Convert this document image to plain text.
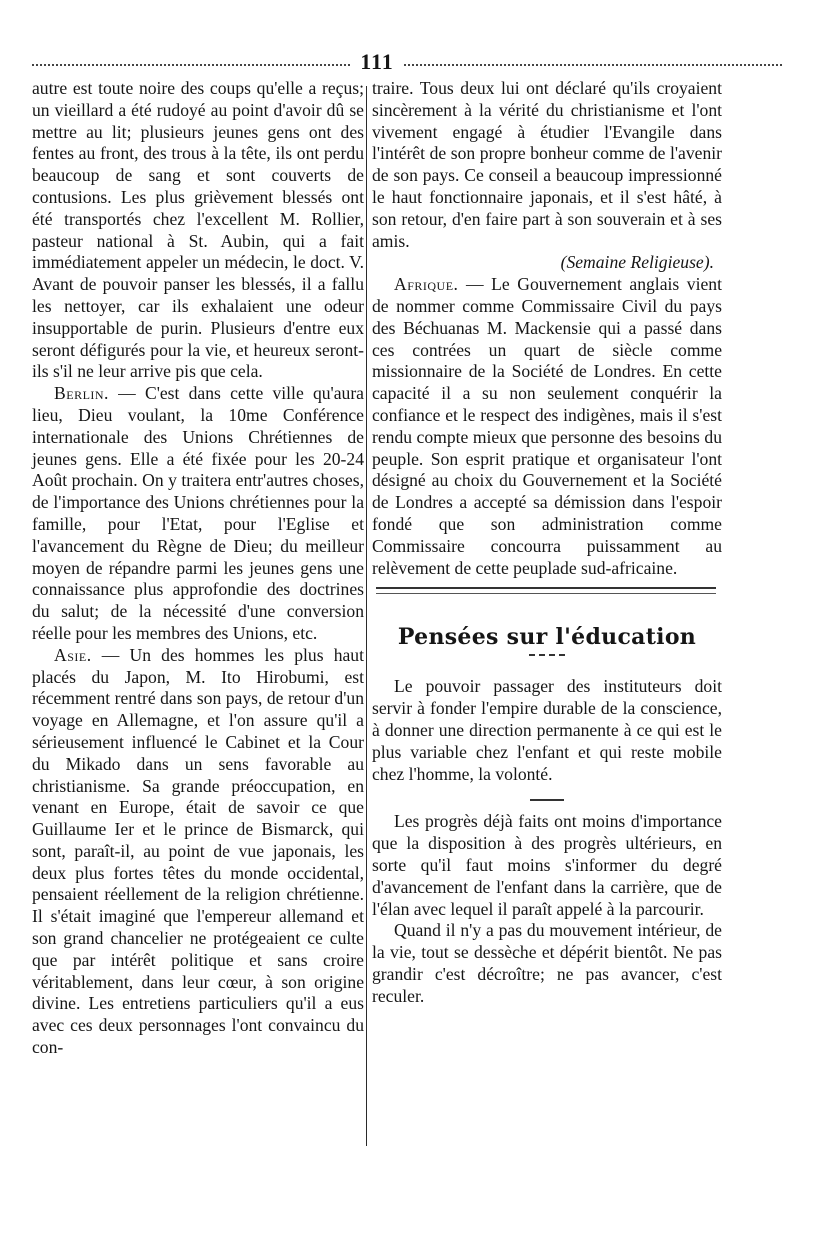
111

autre est toute noire des coups qu'elle a reçus; un vieillard a été rudoyé au point d'avoir dû se mettre au lit; plusieurs jeunes gens ont des fentes au front, des trous à la tête, ils ont perdu beaucoup de sang et sont couverts de contusions. Les plus grièvement blessés ont été transportés chez l'excellent M. Rollier, pasteur national à St. Aubin, qui a fait immédiatement appeler un médecin, le doct. V. Avant de pouvoir panser les blessés, il a fallu les nettoyer, car ils exhalaient une odeur insupportable de purin. Plusieurs d'entre eux seront défigurés pour la vie, et heureux seront-ils s'il ne leur arrive pis que cela.

Berlin. — C'est dans cette ville qu'aura lieu, Dieu voulant, la 10me Conférence internationale des Unions Chrétiennes de jeunes gens. Elle a été fixée pour les 20-24 Août prochain. On y traitera entr'autres choses, de l'importance des Unions chrétiennes pour la famille, pour l'Etat, pour l'Eglise et l'avancement du Règne de Dieu; du meilleur moyen de répandre parmi les jeunes gens une connaissance plus approfondie des doctrines du salut; de la nécessité d'une conversion réelle pour les membres des Unions, etc.

Asie. — Un des hommes les plus haut placés du Japon, M. Ito Hirobumi, est récemment rentré dans son pays, de retour d'un voyage en Allemagne, et l'on assure qu'il a sérieusement influencé le Cabinet et la Cour du Mikado dans un sens favorable au christianisme. Sa grande préoccupation, en venant en Europe, était de savoir ce que Guillaume Ier et le prince de Bismarck, qui sont, paraît-il, au point de vue japonais, les deux plus fortes têtes du monde occidental, pensaient réellement de la religion chrétienne. Il s'était imaginé que l'empereur allemand et son grand chancelier ne protégeaient ce culte que par intérêt politique et sans croire véritablement, dans leur cœur, à son origine divine. Les entretiens particuliers qu'il a eus avec ces deux personnages l'ont convaincu du con-

traire. Tous deux lui ont déclaré qu'ils croyaient sincèrement à la vérité du christianisme et l'ont vivement engagé à étudier l'Evangile dans l'intérêt de son propre bonheur comme de l'avenir de son pays. Ce conseil a beaucoup impressionné le haut fonctionnaire japonais, et il s'est hâté, à son retour, d'en faire part à son souverain et à ses amis.

(Semaine Religieuse).

Afrique. — Le Gouvernement anglais vient de nommer comme Commissaire Civil du pays des Béchuanas M. Mackensie qui a passé dans ces contrées un quart de siècle comme missionnaire de la Société de Londres. En cette capacité il a su non seulement conquérir la confiance et le respect des indigènes, mais il s'est rendu compte mieux que personne des besoins du peuple. Son esprit pratique et organisateur l'ont désigné au choix du Gouvernement et la Société de Londres a accepté sa démission dans l'espoir fondé que son administration comme Commissaire concourra puissamment au relèvement de cette peuplade sud-africaine.

Pensées sur l'éducation

Le pouvoir passager des instituteurs doit servir à fonder l'empire durable de la conscience, à donner une direction permanente à ce qui est le plus variable chez l'enfant et qui reste mobile chez l'homme, la volonté.

Les progrès déjà faits ont moins d'importance que la disposition à des progrès ultérieurs, en sorte qu'il faut moins s'informer du degré d'avancement de l'enfant dans la carrière, que de l'élan avec lequel il paraît appelé à la parcourir.

Quand il n'y a pas du mouvement intérieur, de la vie, tout se dessèche et dépérit bientôt. Ne pas grandir c'est décroître; ne pas avancer, c'est reculer.
